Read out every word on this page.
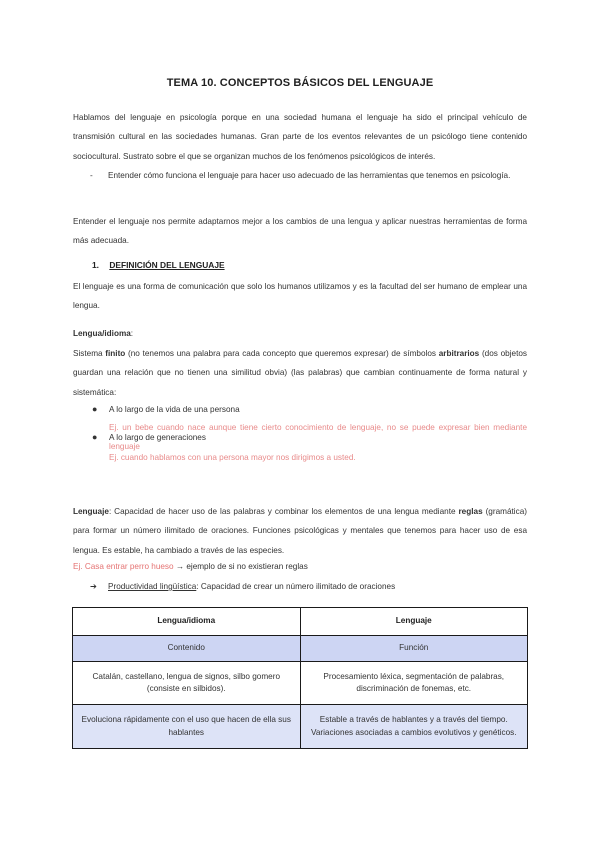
TEMA 10. CONCEPTOS BÁSICOS DEL LENGUAJE
Hablamos del lenguaje en psicología porque en una sociedad humana el lenguaje ha sido el principal vehículo de transmisión cultural en las sociedades humanas. Gran parte de los eventos relevantes de un psicólogo tiene contenido sociocultural. Sustrato sobre el que se organizan muchos de los fenómenos psicológicos de interés.
- Entender cómo funciona el lenguaje para hacer uso adecuado de las herramientas que tenemos en psicología.
Entender el lenguaje nos permite adaptarnos mejor a los cambios de una lengua y aplicar nuestras herramientas de forma más adecuada.
1. DEFINICIÓN DEL LENGUAJE
El lenguaje es una forma de comunicación que solo los humanos utilizamos y es la facultad del ser humano de emplear una lengua.
Lengua/idioma:
Sistema finito (no tenemos una palabra para cada concepto que queremos expresar) de símbolos arbitrarios (dos objetos guardan una relación que no tienen una similitud obvia) (las palabras) que cambian continuamente de forma natural y sistemática:
● A lo largo de la vida de una persona
Ej. un bebe cuando nace aunque tiene cierto conocimiento de lenguaje, no se puede expresar bien mediante lenguaje
● A lo largo de generaciones
Ej. cuando hablamos con una persona mayor nos dirigimos a usted.
Lenguaje: Capacidad de hacer uso de las palabras y combinar los elementos de una lengua mediante reglas (gramática) para formar un número ilimitado de oraciones. Funciones psicológicas y mentales que tenemos para hacer uso de esa lengua. Es estable, ha cambiado a través de las especies.
Ej. Casa entrar perro hueso → ejemplo de si no existieran reglas
➔ Productividad lingüística: Capacidad de crear un número ilimitado de oraciones
Lengua/idioma	Lenguaje
Contenido	Función
Catalán, castellano, lengua de signos, silbo gomero (consiste en silbidos).	Procesamiento léxica, segmentación de palabras, discriminación de fonemas, etc.
Evoluciona rápidamente con el uso que hacen de ella sus hablantes	Estable a través de hablantes y a través del tiempo. Variaciones asociadas a cambios evolutivos y genéticos.
